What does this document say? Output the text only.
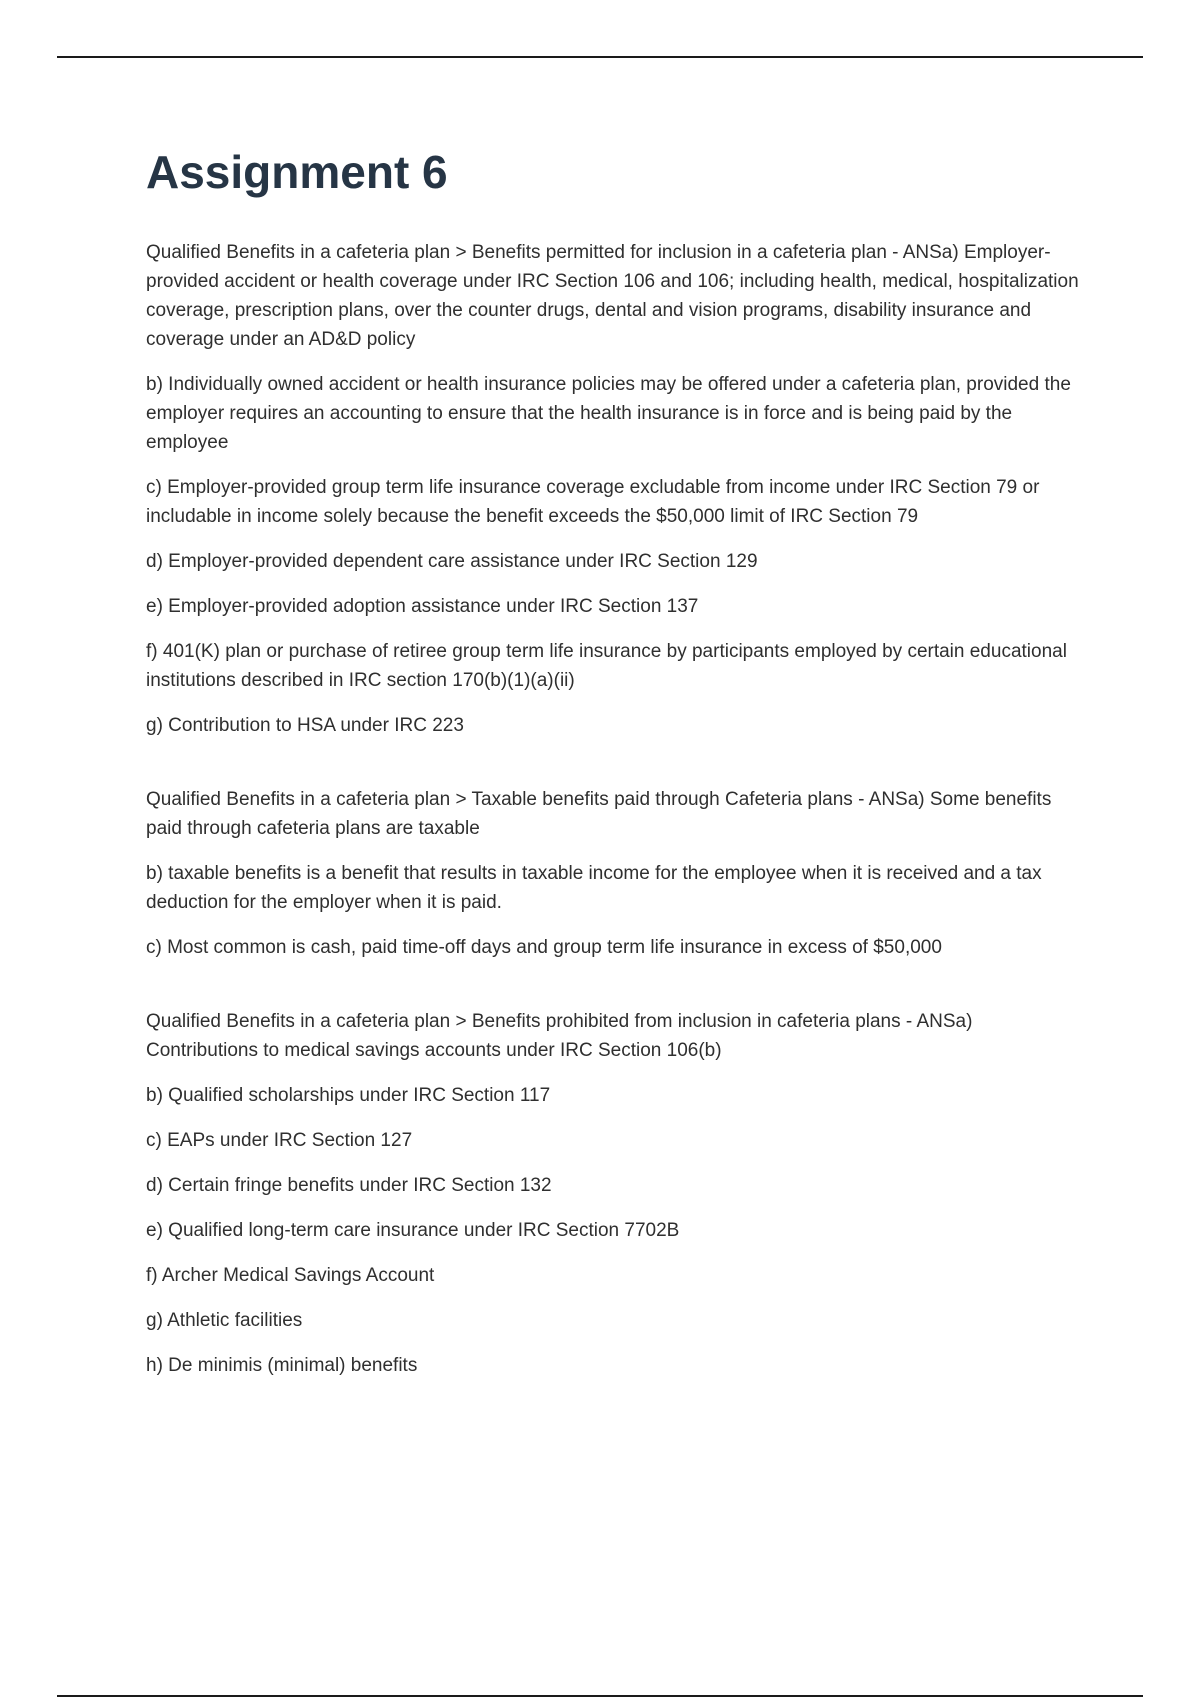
Assignment 6

Qualified Benefits in a cafeteria plan > Benefits permitted for inclusion in a cafeteria plan - ANSa) Employer-provided accident or health coverage under IRC Section 106 and 106; including health, medical, hospitalization coverage, prescription plans, over the counter drugs, dental and vision programs, disability insurance and coverage under an AD&D policy

b) Individually owned accident or health insurance policies may be offered under a cafeteria plan, provided the employer requires an accounting to ensure that the health insurance is in force and is being paid by the employee

c) Employer-provided group term life insurance coverage excludable from income under IRC Section 79 or includable in income solely because the benefit exceeds the $50,000 limit of IRC Section 79

d) Employer-provided dependent care assistance under IRC Section 129

e) Employer-provided adoption assistance under IRC Section 137

f) 401(K) plan or purchase of retiree group term life insurance by participants employed by certain educational institutions described in IRC section 170(b)(1)(a)(ii)

g) Contribution to HSA under IRC 223

Qualified Benefits in a cafeteria plan > Taxable benefits paid through Cafeteria plans - ANSa) Some benefits paid through cafeteria plans are taxable

b) taxable benefits is a benefit that results in taxable income for the employee when it is received and a tax deduction for the employer when it is paid.

c) Most common is cash, paid time-off days and group term life insurance in excess of $50,000

Qualified Benefits in a cafeteria plan > Benefits prohibited from inclusion in cafeteria plans - ANSa) Contributions to medical savings accounts under IRC Section 106(b)

b) Qualified scholarships under IRC Section 117

c) EAPs under IRC Section 127

d) Certain fringe benefits under IRC Section 132

e) Qualified long-term care insurance under IRC Section 7702B

f) Archer Medical Savings Account

g) Athletic facilities

h) De minimis (minimal) benefits
